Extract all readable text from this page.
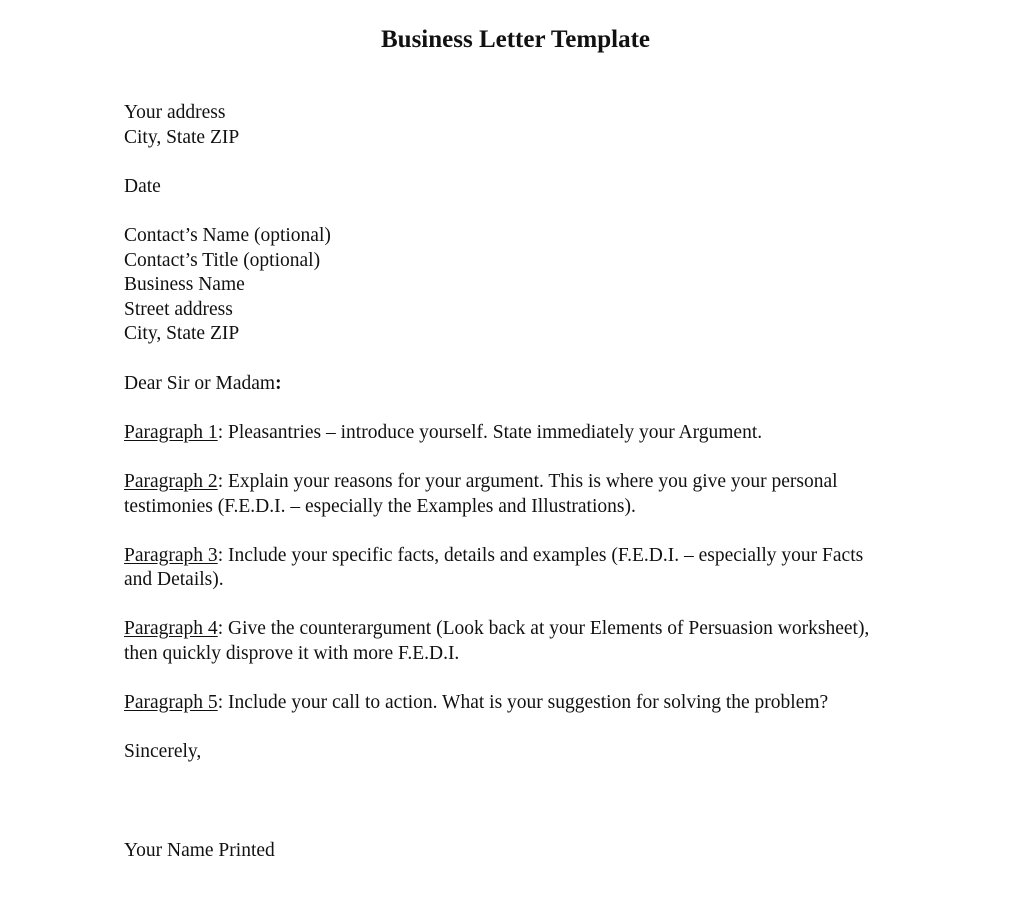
Business Letter Template
Your address
City, State ZIP
Date
Contact’s Name (optional)
Contact’s Title (optional)
Business Name
Street address
City, State ZIP
Dear Sir or Madam:
Paragraph 1: Pleasantries – introduce yourself. State immediately your Argument.
Paragraph 2: Explain your reasons for your argument. This is where you give your personal
testimonies (F.E.D.I. – especially the Examples and Illustrations).
Paragraph 3: Include your specific facts, details and examples (F.E.D.I. – especially your Facts
and Details).
Paragraph 4: Give the counterargument (Look back at your Elements of Persuasion worksheet),
then quickly disprove it with more F.E.D.I.
Paragraph 5: Include your call to action. What is your suggestion for solving the problem?
Sincerely,
Your Name Printed
